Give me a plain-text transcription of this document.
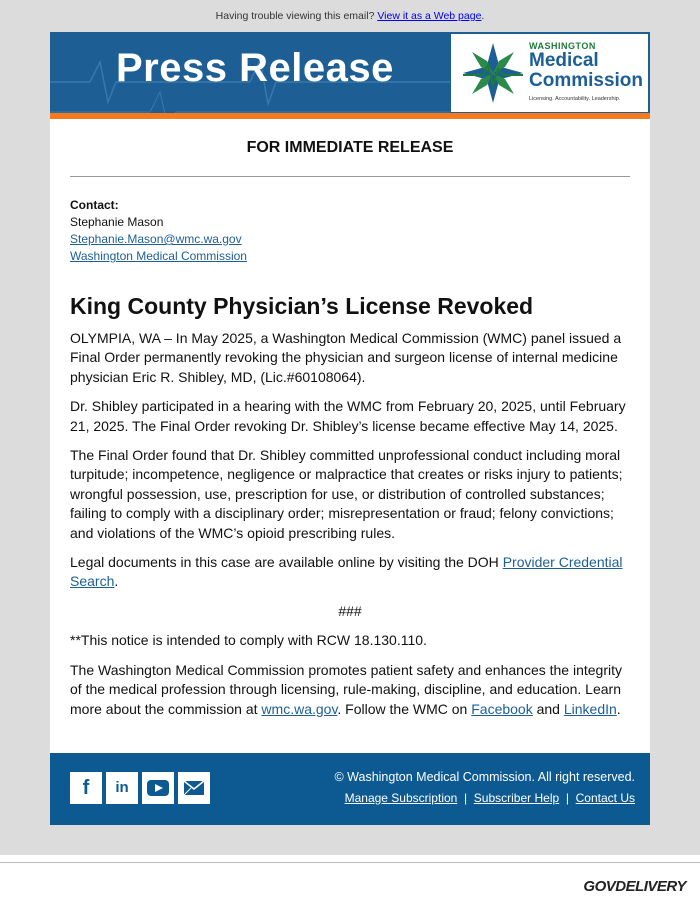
Having trouble viewing this email? View it as a Web page.
Press Release	WASHINGTON
Medical
Commission
Licensing. Accountability. Leadership.
FOR IMMEDIATE RELEASE
Contact:
Stephanie Mason
Stephanie.Mason@wmc.wa.gov
Washington Medical Commission
King County Physician’s License Revoked

OLYMPIA, WA – In May 2025, a Washington Medical Commission (WMC) panel issued a Final Order permanently revoking the physician and surgeon license of internal medicine physician Eric R. Shibley, MD, (Lic.#60108064).

Dr. Shibley participated in a hearing with the WMC from February 20, 2025, until February 21, 2025. The Final Order revoking Dr. Shibley’s license became effective May 14, 2025.

The Final Order found that Dr. Shibley committed unprofessional conduct including moral turpitude; incompetence, negligence or malpractice that creates or risks injury to patients; wrongful possession, use, prescription for use, or distribution of controlled substances; failing to comply with a disciplinary order; misrepresentation or fraud; felony convictions; and violations of the WMC’s opioid prescribing rules.

Legal documents in this case are available online by visiting the DOH Provider Credential Search.

###

**This notice is intended to comply with RCW 18.130.110.

The Washington Medical Commission promotes patient safety and enhances the integrity of the medical profession through licensing, rule-making, discipline, and education. Learn more about the commission at wmc.wa.gov. Follow the WMC on Facebook and LinkedIn.

f	in
© Washington Medical Commission. All right reserved.
Manage Subscription | Subscriber Help | Contact Us
GOVDELIVERY
